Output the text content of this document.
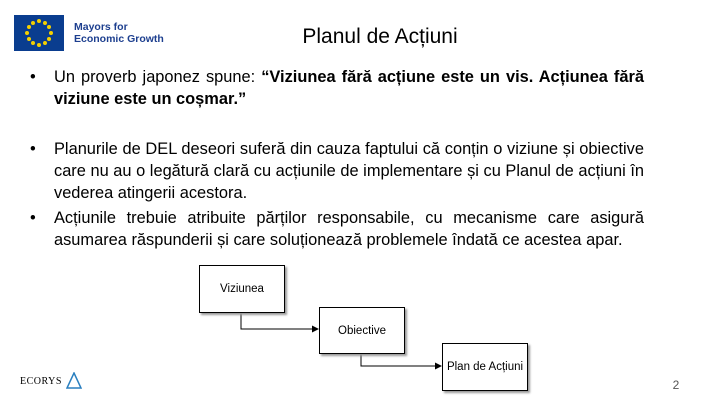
Mayors for
Economic Growth	Planul de Acțiuni
• Un proverb japonez spune: “Viziunea fără acțiune este un vis. Acțiunea fără viziune este un coșmar.”
• Planurile de DEL deseori suferă din cauza faptului că conțin o viziune și obiective care nu au o legătură clară cu acțiunile de implementare și cu Planul de acțiuni în vederea atingerii acestora.
• Acțiunile trebuie atribuite părților responsabile, cu mecanisme care asigură asumarea răspunderii și care soluționează problemele îndată ce acestea apar.
Viziunea
Obiective
Plan de Acțiuni
ECORYS	2
